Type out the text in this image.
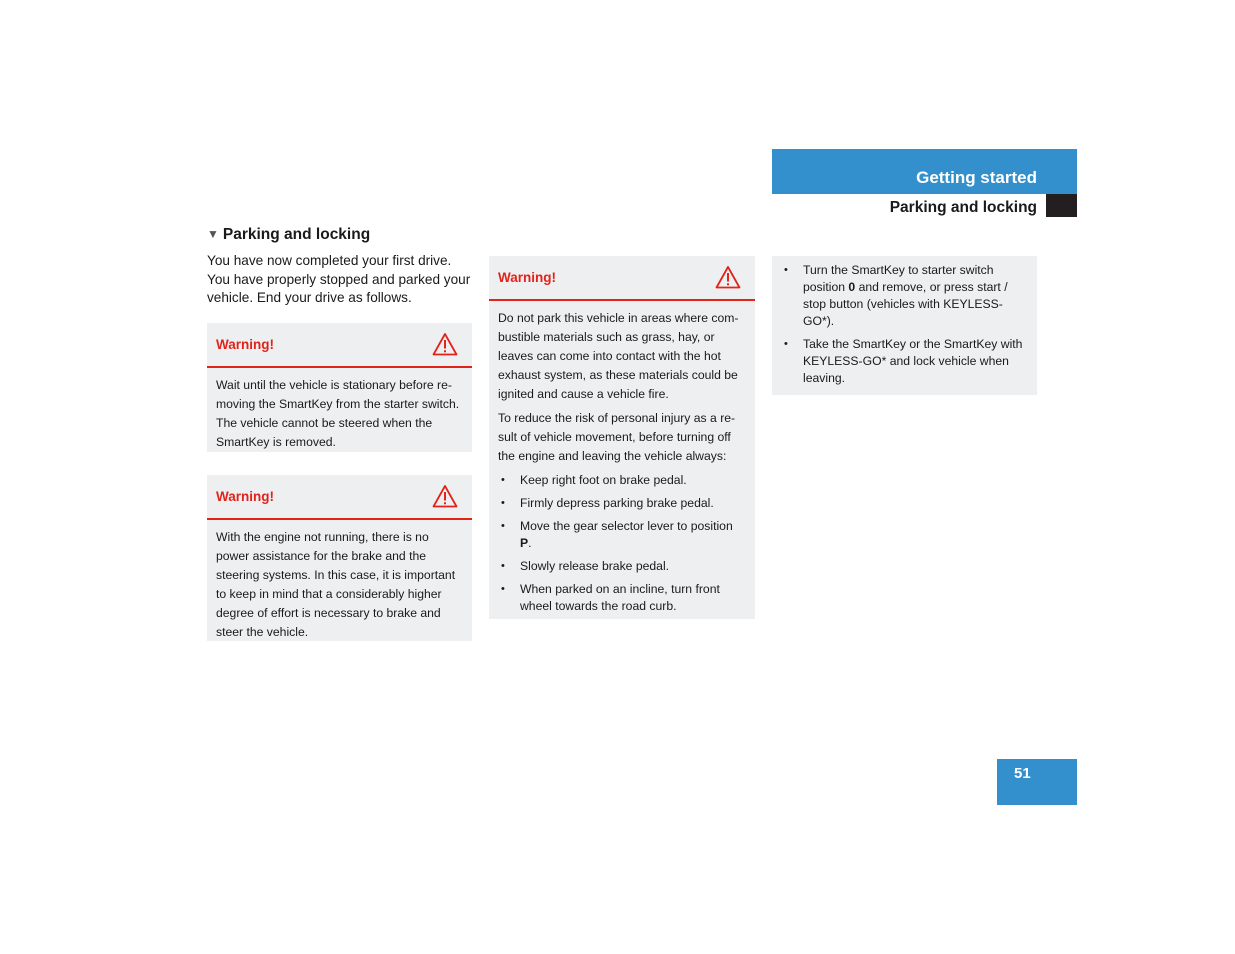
Getting started
Parking and locking
▼ Parking and locking
You have now completed your first drive. You have properly stopped and parked your vehicle. End your drive as follows.
Warning!
Wait until the vehicle is stationary before removing the SmartKey from the starter switch. The vehicle cannot be steered when the SmartKey is removed.
Warning!
With the engine not running, there is no power assistance for the brake and the steering systems. In this case, it is important to keep in mind that a considerably higher degree of effort is necessary to brake and steer the vehicle.
Warning!

Do not park this vehicle in areas where combustible materials such as grass, hay, or leaves can come into contact with the hot exhaust system, as these materials could be ignited and cause a vehicle fire.

To reduce the risk of personal injury as a result of vehicle movement, before turning off the engine and leaving the vehicle always:

• Keep right foot on brake pedal.
• Firmly depress parking brake pedal.
• Move the gear selector lever to position P.
• Slowly release brake pedal.
• When parked on an incline, turn front wheel towards the road curb.
• Turn the SmartKey to starter switch position 0 and remove, or press start / stop button (vehicles with KEYLESS-GO*).
• Take the SmartKey or the SmartKey with KEYLESS-GO* and lock vehicle when leaving.
51
